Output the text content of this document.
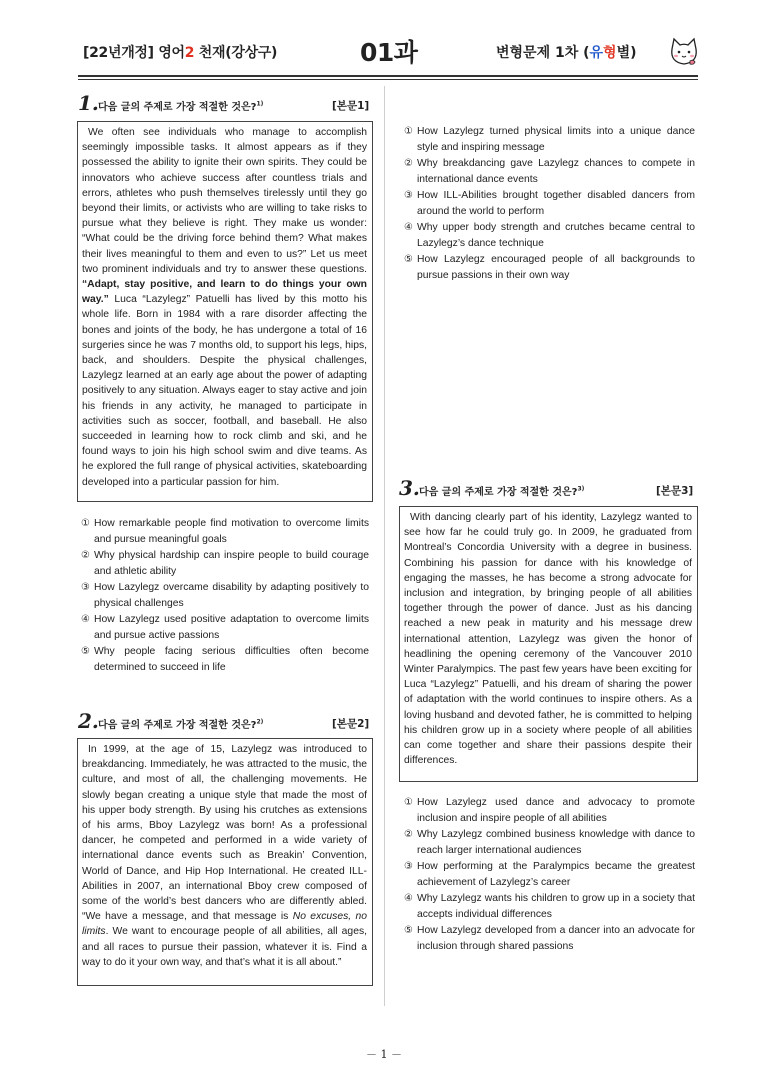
[22년개정] 영어2 천재(강상구)	01과	변형문제 1차 (유형별)
1. 다음 글의 주제로 가장 적절한 것은?$^{1)}$	[본문1]

We often see individuals who manage to accomplish seemingly impossible tasks. It almost appears as if they possessed the ability to ignite their own spirits. They could be innovators who achieve success after countless trials and errors, athletes who push themselves tirelessly until they go beyond their limits, or activists who are willing to take risks to pursue what they believe is right. They make us wonder: “What could be the driving force behind them? What makes their lives meaningful to them and even to us?” Let us meet two prominent individuals and try to answer these questions. “Adapt, stay positive, and learn to do things your own way.” Luca “Lazylegz” Patuelli has lived by this motto his whole life. Born in 1984 with a rare disorder affecting the bones and joints of the body, he has undergone a total of 16 surgeries since he was 7 months old, to support his legs, hips, back, and shoulders. Despite the physical challenges, Lazylegz learned at an early age about the power of adapting positively to any situation. Always eager to stay active and join his friends in any activity, he managed to participate in activities such as soccer, football, and baseball. He also succeeded in learning how to rock climb and ski, and he found ways to join his high school swim and dive teams. As he explored the full range of physical activities, skateboarding developed into a particular passion for him.

① How remarkable people find motivation to overcome limits and pursue meaningful goals
② Why physical hardship can inspire people to build courage and athletic ability
③ How Lazylegz overcame disability by adapting positively to physical challenges
④ How Lazylegz used positive adaptation to overcome limits and pursue active passions
⑤ Why people facing serious difficulties often become determined to succeed in life
2. 다음 글의 주제로 가장 적절한 것은?$^{2)}$	[본문2]

In 1999, at the age of 15, Lazylegz was introduced to breakdancing. Immediately, he was attracted to the music, the culture, and most of all, the challenging movements. He slowly began creating a unique style that made the most of his upper body strength. By using his crutches as extensions of his arms, Bboy Lazylegz was born! As a professional dancer, he competed and performed in a wide variety of international dance events such as Breakin’ Convention, World of Dance, and Hip Hop International. He created ILL-Abilities in 2007, an international Bboy crew composed of some of the world’s best dancers who are differently abled. “We have a message, and that message is No excuses, no limits. We want to encourage people of all abilities, all ages, and all races to pursue their passion, whatever it is. Find a way to do it your own way, and that’s what it is all about.”

① How Lazylegz turned physical limits into a unique dance style and inspiring message
② Why breakdancing gave Lazylegz chances to compete in international dance events
③ How ILL-Abilities brought together disabled dancers from around the world to perform
④ Why upper body strength and crutches became central to Lazylegz’s dance technique
⑤ How Lazylegz encouraged people of all backgrounds to pursue passions in their own way
3. 다음 글의 주제로 가장 적절한 것은?$^{3)}$	[본문3]

With dancing clearly part of his identity, Lazylegz wanted to see how far he could truly go. In 2009, he graduated from Montreal’s Concordia University with a degree in business. Combining his passion for dance with his knowledge of engaging the masses, he has become a strong advocate for inclusion and integration, by bringing people of all abilities together through the power of dance. Just as his dancing reached a new peak in maturity and his message drew international attention, Lazylegz was given the honor of headlining the opening ceremony of the Vancouver 2010 Winter Paralympics. The past few years have been exciting for Luca “Lazylegz” Patuelli, and his dream of sharing the power of adaptation with the world continues to inspire others. As a loving husband and devoted father, he is committed to helping his children grow up in a society where people of all abilities can come together and share their passions despite their differences.

① How Lazylegz used dance and advocacy to promote inclusion and inspire people of all abilities
② Why Lazylegz combined business knowledge with dance to reach larger international audiences
③ How performing at the Paralympics became the greatest achievement of Lazylegz’s career
④ Why Lazylegz wants his children to grow up in a society that accepts individual differences
⑤ How Lazylegz developed from a dancer into an advocate for inclusion through shared passions
－ 1 －
